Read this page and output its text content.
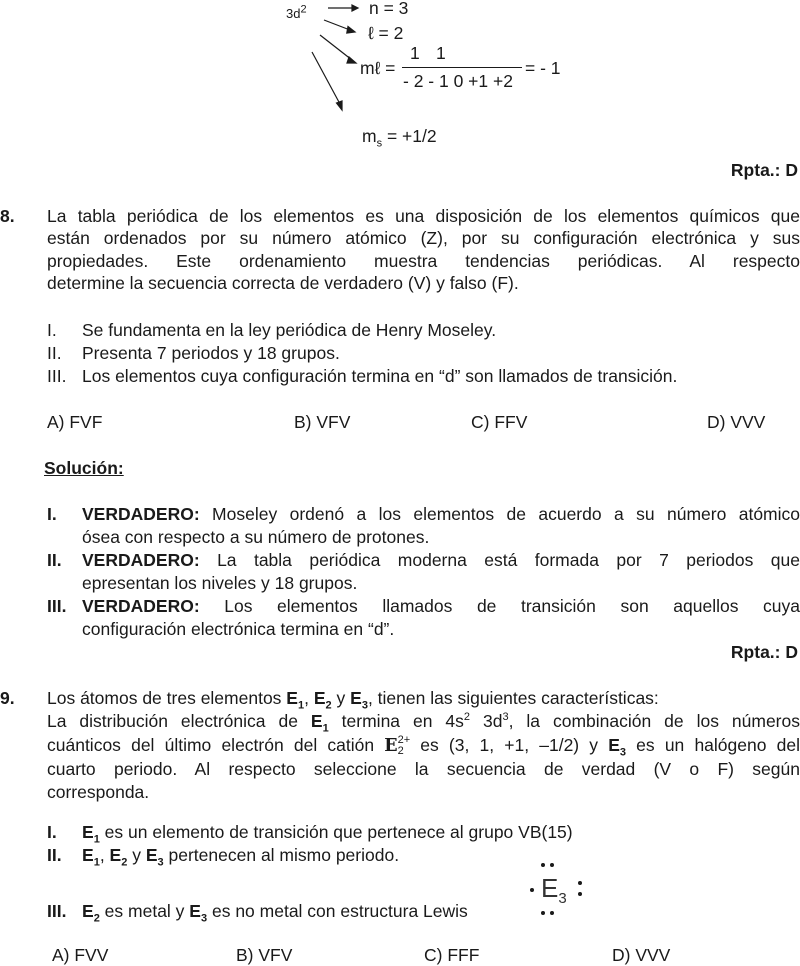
$3d^2$	n = 3
ℓ = 2
mℓ =
1 1
- 2 - 1 0 +1 +2
= - 1
$m_s = +1/2$
Rpta.: D
8. La tabla periódica de los elementos es una disposición de los elementos químicos que
están ordenados por su número atómico (Z), por su configuración electrónica y sus
propiedades. Este ordenamiento muestra tendencias periódicas. Al respecto
determine la secuencia correcta de verdadero (V) y falso (F).
I. Se fundamenta en la ley periódica de Henry Moseley.
II. Presenta 7 periodos y 18 grupos.
III. Los elementos cuya configuración termina en “d” son llamados de transición.
A) FVF	B) VFV	C) FFV	D) VVV
Solución:
I. VERDADERO: Moseley ordenó a los elementos de acuerdo a su número atómico
ósea con respecto a su número de protones.
II. VERDADERO: La tabla periódica moderna está formada por 7 periodos que
epresentan los niveles y 18 grupos.
III. VERDADERO: Los elementos llamados de transición son aquellos cuya
configuración electrónica termina en “d”.
Rpta.: D
9. Los átomos de tres elementos $E_1$, $E_2$ y $E_3$, tienen las siguientes características:
La distribución electrónica de $E_1$ termina en $4s^2$ $3d^3$, la combinación de los números
cuánticos del último electrón del catión E 2+
2 es (3, 1, +1, –1/2) y $E_3$ es un halógeno del
cuarto periodo. Al respecto seleccione la secuencia de verdad (V o F) según
corresponda.
I. $E_1$ es un elemento de transición que pertenece al grupo VB(15)
II. $E_1$, $E_2$ y $E_3$ pertenecen al mismo periodo.
III. $E_2$ es metal y $E_3$ es no metal con estructura Lewis
$E_3$
A) FVV	B) VFV	C) FFF	D) VVV
